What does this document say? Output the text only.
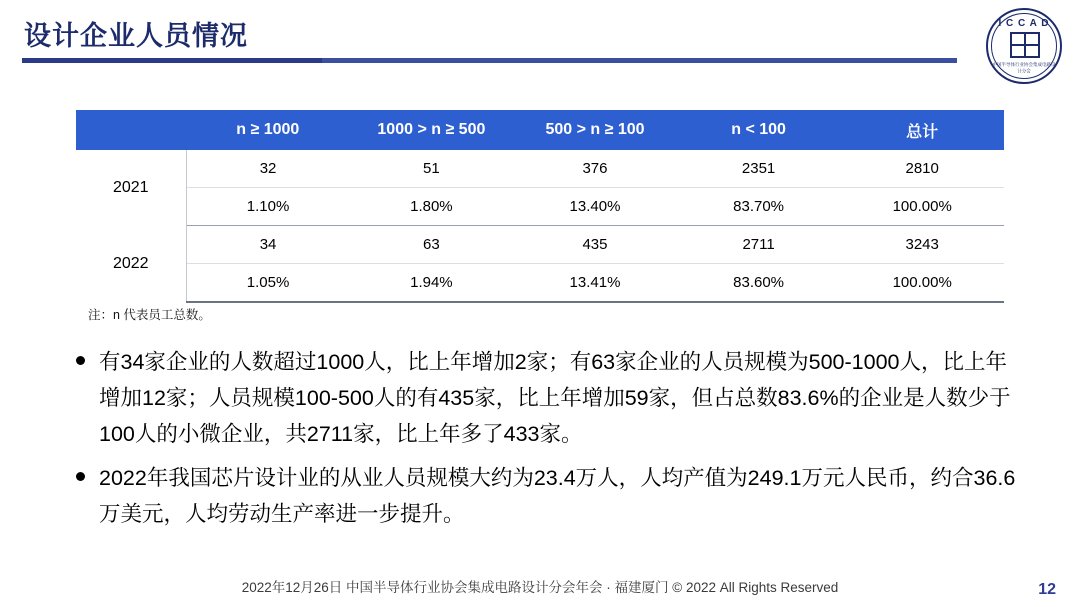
设计企业人员情况	I C C A D
中国半导体行业协会集成电路设计分会
	n ≥ 1000	1000 > n ≥ 500	500 > n ≥ 100	n < 100	总计
2021	32	51	376	2351	2810
	1.10%	1.80%	13.40%	83.70%	100.00%
2022	34	63	435	2711	3243
	1.05%	1.94%	13.41%	83.60%	100.00%
注：n 代表员工总数。
有34家企业的人数超过1000人，比上年增加2家；有63家企业的人员规模为500-1000人，比上年增加12家；人员规模100-500人的有435家，比上年增加59家，但占总数83.6%的企业是人数少于100人的小微企业，共2711家，比上年多了433家。
2022年我国芯片设计业的从业人员规模大约为23.4万人，人均产值为249.1万元人民币，约合36.6万美元，人均劳动生产率进一步提升。
2022年12月26日 中国半导体行业协会集成电路设计分会年会 · 福建厦门 © 2022 All Rights Reserved	12
